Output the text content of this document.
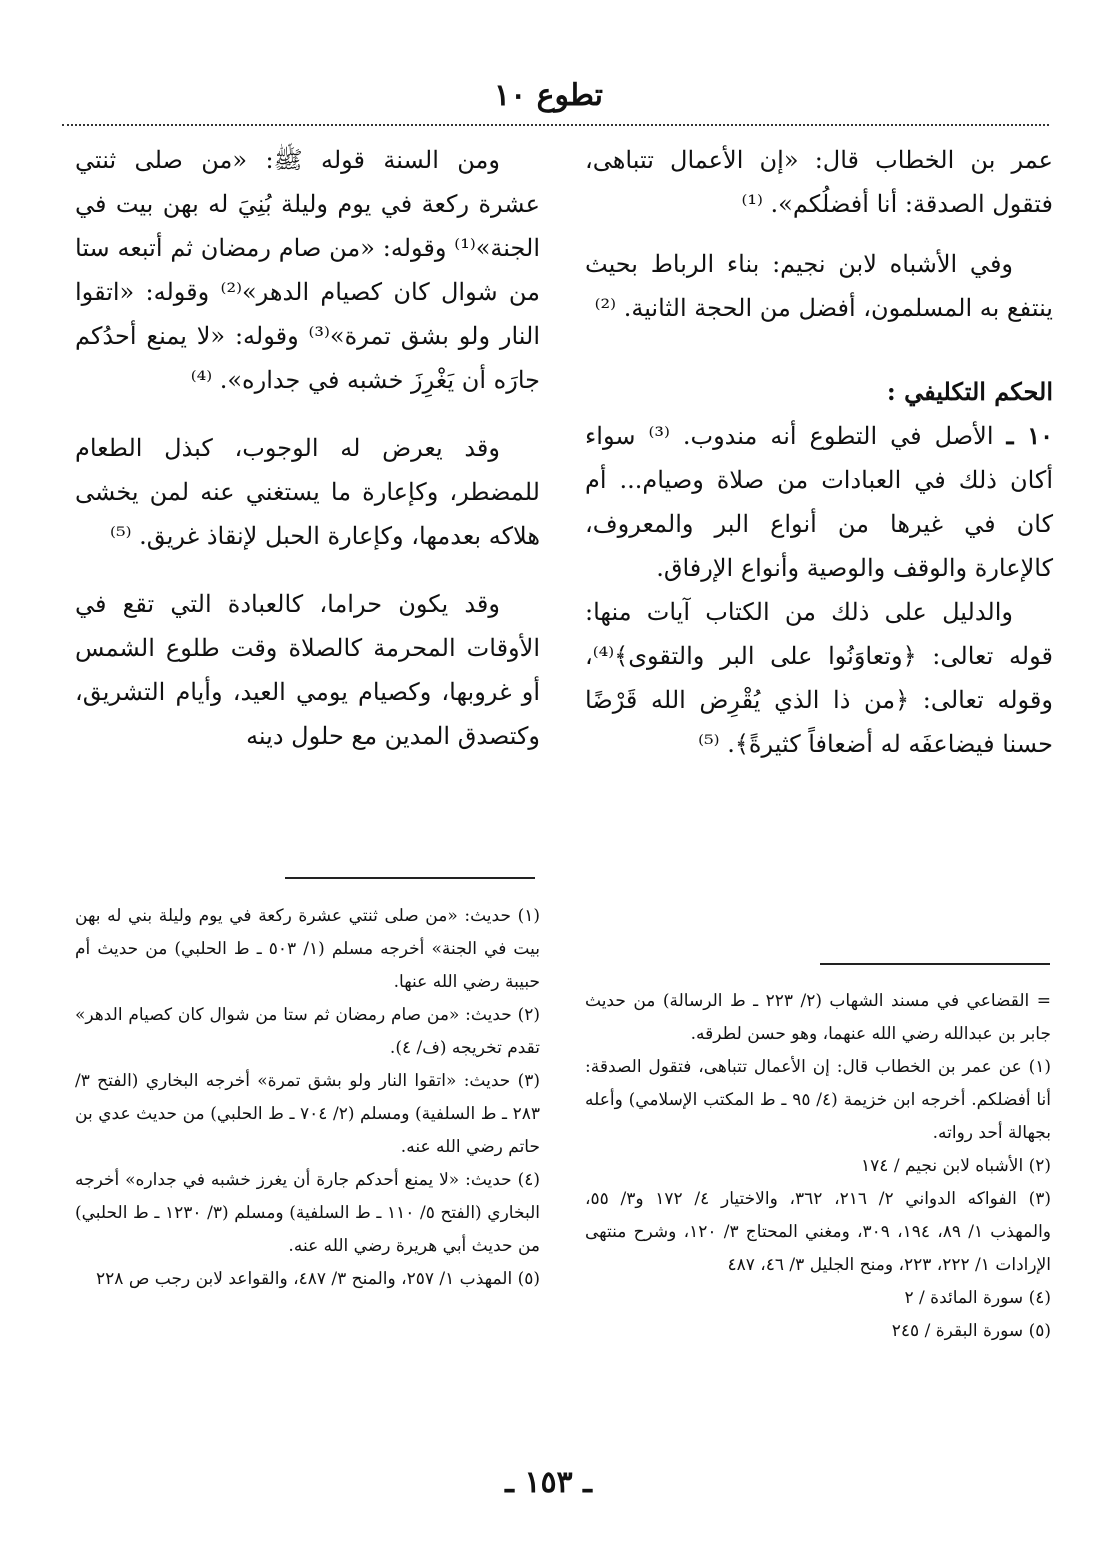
تطوع ١٠

عمر بن الخطاب قال: «إن الأعمال تتباهى، فتقول الصدقة: أنا أفضلُكم». ⁽¹⁾

وفي الأشباه لابن نجيم: بناء الرباط بحيث ينتفع به المسلمون، أفضل من الحجة الثانية. ⁽²⁾

الحكم التكليفي :

١٠ ـ الأصل في التطوع أنه مندوب. ⁽³⁾ سواء أكان ذلك في العبادات من صلاة وصيام... أم كان في غيرها من أنواع البر والمعروف، كالإعارة والوقف والوصية وأنواع الإرفاق.

والدليل على ذلك من الكتاب آيات منها: قوله تعالى: ﴿وتعاوَنُوا على البر والتقوى﴾⁽⁴⁾، وقوله تعالى: ﴿من ذا الذي يُقْرِض الله قَرْضًا حسنا فيضاعفَه له أضعافاً كثيرةً﴾. ⁽⁵⁾

ومن السنة قوله ﷺ: «من صلى ثنتي عشرة ركعة في يوم وليلة بُنِيَ له بهن بيت في الجنة»⁽¹⁾ وقوله: «من صام رمضان ثم أتبعه ستا من شوال كان كصيام الدهر»⁽²⁾ وقوله: «اتقوا النار ولو بشق تمرة»⁽³⁾ وقوله: «لا يمنع أحدُكم جارَه أن يَغْرِزَ خشبه في جداره». ⁽⁴⁾

وقد يعرض له الوجوب، كبذل الطعام للمضطر، وكإعارة ما يستغني عنه لمن يخشى هلاكه بعدمها، وكإعارة الحبل لإنقاذ غريق. ⁽⁵⁾

وقد يكون حراما، كالعبادة التي تقع في الأوقات المحرمة كالصلاة وقت طلوع الشمس أو غروبها، وكصيام يومي العيد، وأيام التشريق، وكتصدق المدين مع حلول دينه

= القضاعي في مسند الشهاب (٢/ ٢٢٣ ـ ط الرسالة) من حديث جابر بن عبدالله رضي الله عنهما، وهو حسن لطرقه.

(١) عن عمر بن الخطاب قال: إن الأعمال تتباهى، فتقول الصدقة: أنا أفضلكم. أخرجه ابن خزيمة (٤/ ٩٥ ـ ط المكتب الإسلامي) وأعله بجهالة أحد رواته.

(٢) الأشباه لابن نجيم / ١٧٤

(٣) الفواكه الدواني ٢/ ٢١٦، ٣٦٢، والاختيار ٤/ ١٧٢ و٣/ ٥٥، والمهذب ١/ ٨٩، ١٩٤، ٣٠٩، ومغني المحتاج ٣/ ١٢٠، وشرح منتهى الإرادات ١/ ٢٢٢، ٢٢٣، ومنح الجليل ٣/ ٤٦، ٤٨٧

(٤) سورة المائدة / ٢

(٥) سورة البقرة / ٢٤٥

(١) حديث: «من صلى ثنتي عشرة ركعة في يوم وليلة بني له بهن بيت في الجنة» أخرجه مسلم (١/ ٥٠٣ ـ ط الحلبي) من حديث أم حبيبة رضي الله عنها.

(٢) حديث: «من صام رمضان ثم ستا من شوال كان كصيام الدهر» تقدم تخريجه (ف/ ٤).

(٣) حديث: «اتقوا النار ولو بشق تمرة» أخرجه البخاري (الفتح ٣/ ٢٨٣ ـ ط السلفية) ومسلم (٢/ ٧٠٤ ـ ط الحلبي) من حديث عدي بن حاتم رضي الله عنه.

(٤) حديث: «لا يمنع أحدكم جارة أن يغرز خشبه في جداره» أخرجه البخاري (الفتح ٥/ ١١٠ ـ ط السلفية) ومسلم (٣/ ١٢٣٠ ـ ط الحلبي) من حديث أبي هريرة رضي الله عنه.

(٥) المهذب ١/ ٢٥٧، والمنح ٣/ ٤٨٧، والقواعد لابن رجب ص ٢٢٨

ـ ١٥٣ ـ
